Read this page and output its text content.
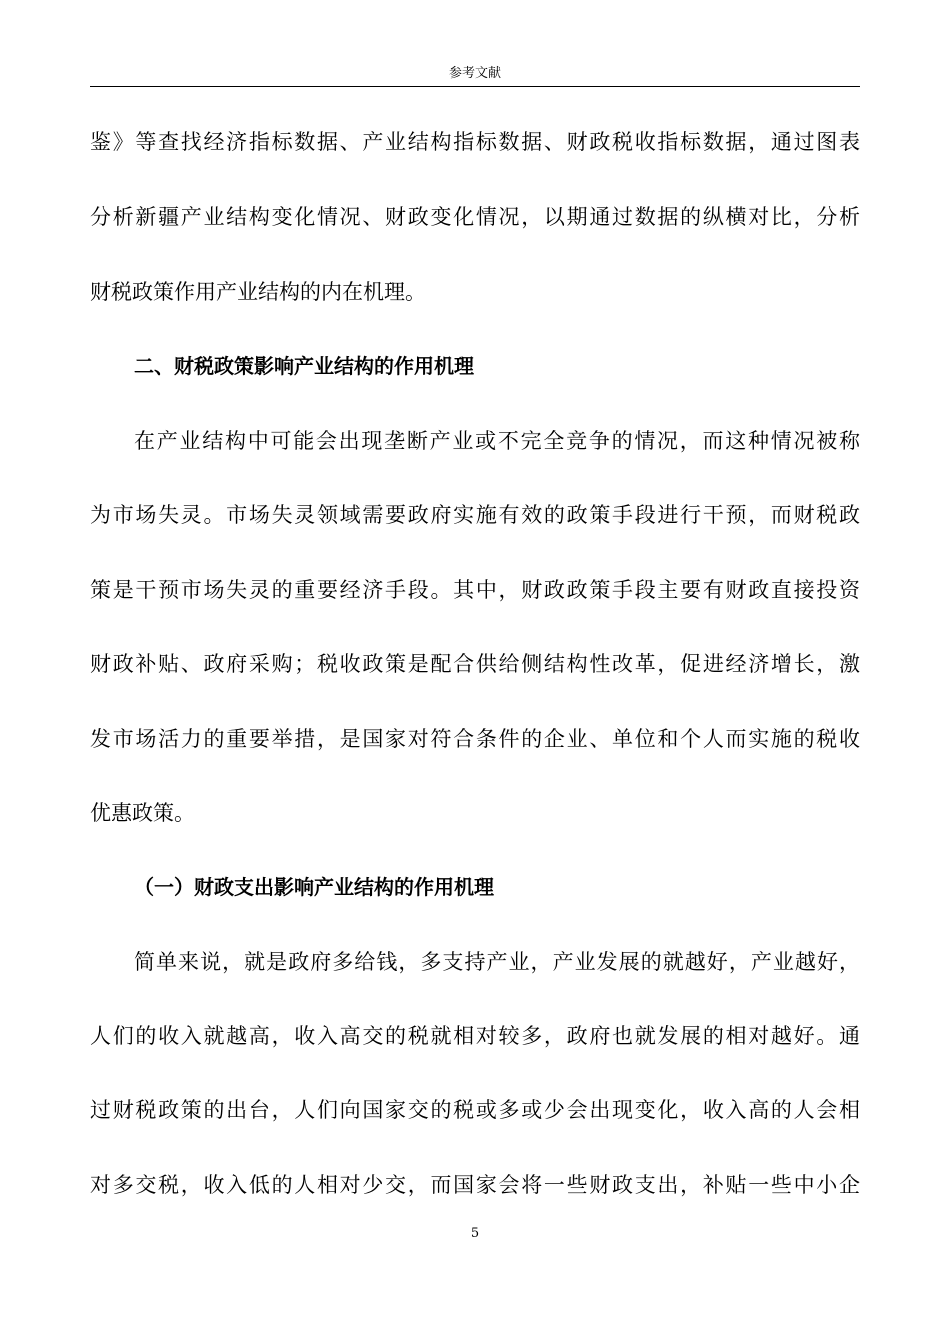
参考文献
鉴》等查找经济指标数据、产业结构指标数据、财政税收指标数据，通过图表
分析新疆产业结构变化情况、财政变化情况，以期通过数据的纵横对比，分析
财税政策作用产业结构的内在机理。
二、财税政策影响产业结构的作用机理
在产业结构中可能会出现垄断产业或不完全竞争的情况，而这种情况被称
为市场失灵。市场失灵领域需要政府实施有效的政策手段进行干预，而财税政
策是干预市场失灵的重要经济手段。其中，财政政策手段主要有财政直接投资
财政补贴、政府采购；税收政策是配合供给侧结构性改革，促进经济增长，激
发市场活力的重要举措，是国家对符合条件的企业、单位和个人而实施的税收
优惠政策。
（一）财政支出影响产业结构的作用机理
简单来说，就是政府多给钱，多支持产业，产业发展的就越好，产业越好，
人们的收入就越高，收入高交的税就相对较多，政府也就发展的相对越好。通
过财税政策的出台，人们向国家交的税或多或少会出现变化，收入高的人会相
对多交税，收入低的人相对少交，而国家会将一些财政支出，补贴一些中小企
5
